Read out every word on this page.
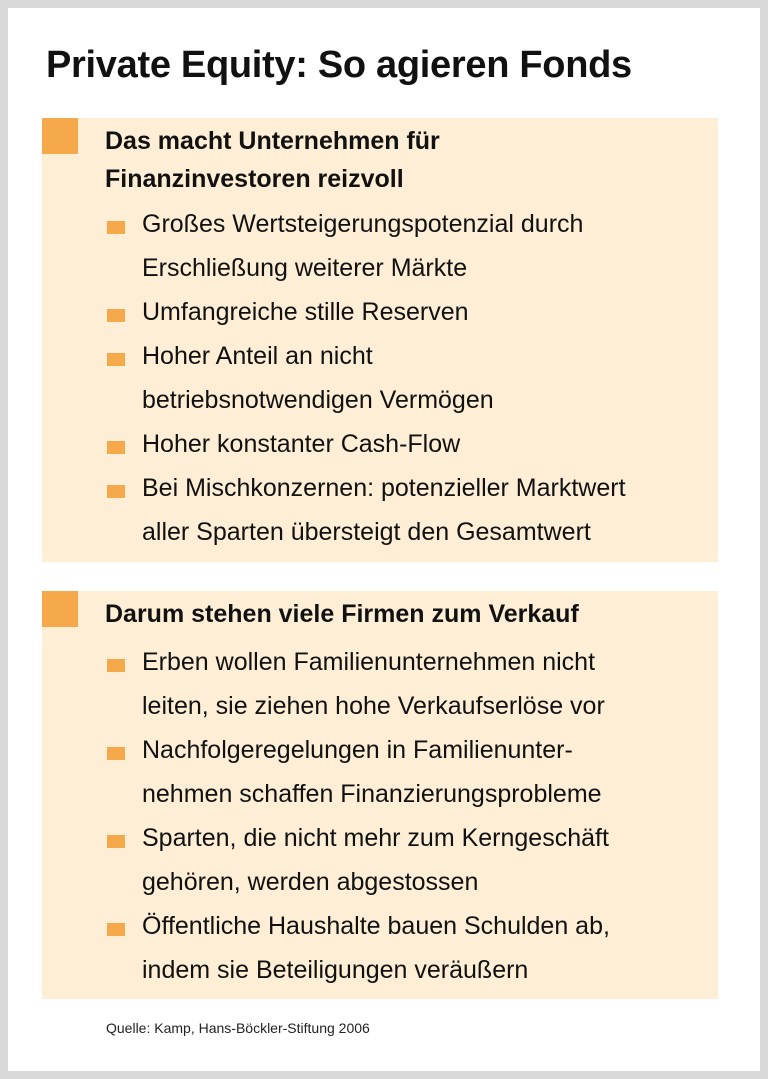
Private Equity: So agieren Fonds
Das macht Unternehmen für
Finanzinvestoren reizvoll
Großes Wertsteigerungspotenzial durch
Erschließung weiterer Märkte
Umfangreiche stille Reserven
Hoher Anteil an nicht
betriebsnotwendigen Vermögen
Hoher konstanter Cash-Flow
Bei Mischkonzernen: potenzieller Marktwert
aller Sparten übersteigt den Gesamtwert
Darum stehen viele Firmen zum Verkauf
Erben wollen Familienunternehmen nicht
leiten, sie ziehen hohe Verkaufserlöse vor
Nachfolgeregelungen in Familienunter-
nehmen schaffen Finanzierungsprobleme
Sparten, die nicht mehr zum Kerngeschäft
gehören, werden abgestossen
Öffentliche Haushalte bauen Schulden ab,
indem sie Beteiligungen veräußern

Quelle: Kamp, Hans-Böckler-Stiftung 2006
